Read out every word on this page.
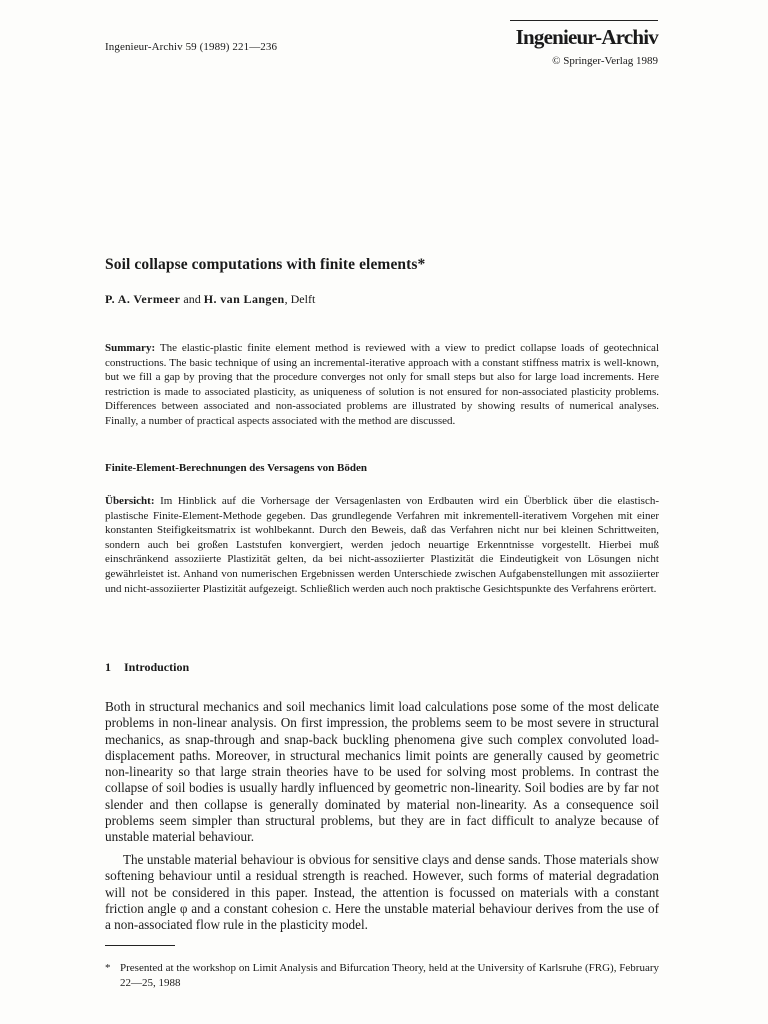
Ingenieur-Archiv 59 (1989) 221—236	Ingenieur-Archiv
© Springer-Verlag 1989
Soil collapse computations with finite elements*
P. A. Vermeer and H. van Langen, Delft
Summary: The elastic-plastic finite element method is reviewed with a view to predict collapse loads of geotechnical constructions. The basic technique of using an incremental-iterative approach with a constant stiffness matrix is well-known, but we fill a gap by proving that the procedure converges not only for small steps but also for large load increments. Here restriction is made to associated plasticity, as uniqueness of solution is not ensured for non-associated plasticity problems. Differences between associated and non-associated problems are illustrated by showing results of numerical analyses. Finally, a number of practical aspects associated with the method are discussed.
Finite-Element-Berechnungen des Versagens von Böden
Übersicht: Im Hinblick auf die Vorhersage der Versagenlasten von Erdbauten wird ein Überblick über die elastisch-plastische Finite-Element-Methode gegeben. Das grundlegende Verfahren mit inkrementell-iterativem Vorgehen mit einer konstanten Steifigkeitsmatrix ist wohlbekannt. Durch den Beweis, daß das Verfahren nicht nur bei kleinen Schrittweiten, sondern auch bei großen Laststufen konvergiert, werden jedoch neuartige Erkenntnisse vorgestellt. Hierbei muß einschränkend assoziierte Plastizität gelten, da bei nicht-assoziierter Plastizität die Eindeutigkeit von Lösungen nicht gewährleistet ist. Anhand von numerischen Ergebnissen werden Unterschiede zwischen Aufgabenstellungen mit assoziierter und nicht-assoziierter Plastizität aufgezeigt. Schließlich werden auch noch praktische Gesichtspunkte des Verfahrens erörtert.
1 Introduction
Both in structural mechanics and soil mechanics limit load calculations pose some of the most delicate problems in non-linear analysis. On first impression, the problems seem to be most severe in structural mechanics, as snap-through and snap-back buckling phenomena give such complex convoluted load-displacement paths. Moreover, in structural mechanics limit points are generally caused by geometric non-linearity so that large strain theories have to be used for solving most problems. In contrast the collapse of soil bodies is usually hardly influenced by geometric non-linearity. Soil bodies are by far not slender and then collapse is generally dominated by material non-linearity. As a consequence soil problems seem simpler than structural problems, but they are in fact difficult to analyze because of unstable material behaviour.
The unstable material behaviour is obvious for sensitive clays and dense sands. Those materials show softening behaviour until a residual strength is reached. However, such forms of material degradation will not be considered in this paper. Instead, the attention is focussed on materials with a constant friction angle φ and a constant cohesion c. Here the unstable material behaviour derives from the use of a non-associated flow rule in the plasticity model.
* Presented at the workshop on Limit Analysis and Bifurcation Theory, held at the University of Karlsruhe (FRG), February 22—25, 1988
